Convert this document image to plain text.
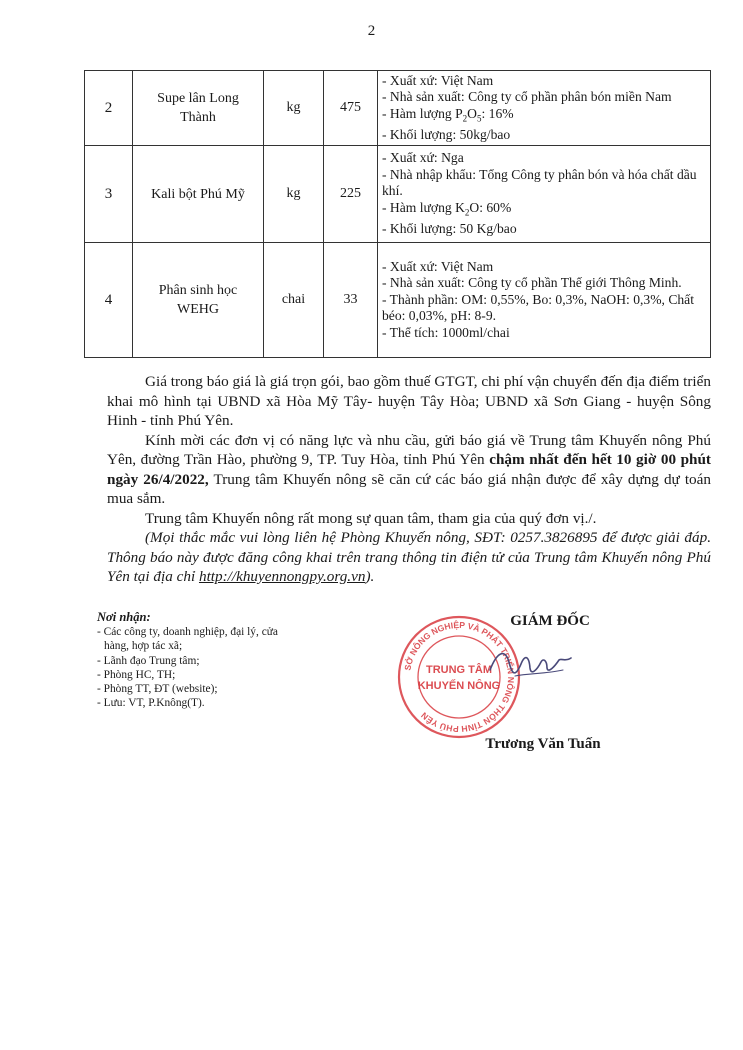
2
2	Supe lân Long Thành	kg	475	- Xuất xứ: Việt Nam
- Nhà sản xuất: Công ty cổ phần phân bón miền Nam
- Hàm lượng $P_2O_5$: 16%
- Khối lượng: 50kg/bao

3	Kali bột Phú Mỹ	kg	225	- Xuất xứ: Nga
- Nhà nhập khẩu: Tổng Công ty phân bón và hóa chất dầu khí.
- Hàm lượng $K_2O$: 60%
- Khối lượng: 50 Kg/bao

4	Phân sinh học WEHG	chai	33	- Xuất xứ: Việt Nam
- Nhà sản xuất: Công ty cổ phần Thế giới Thông Minh.
- Thành phần: OM: 0,55%, Bo: 0,3%, NaOH: 0,3%, Chất béo: 0,03%, pH: 8-9.
- Thể tích: 1000ml/chai

Giá trong báo giá là giá trọn gói, bao gồm thuế GTGT, chi phí vận chuyển đến địa điểm triển khai mô hình tại UBND xã Hòa Mỹ Tây- huyện Tây Hòa; UBND xã Sơn Giang - huyện Sông Hinh - tỉnh Phú Yên.

Kính mời các đơn vị có năng lực và nhu cầu, gửi báo giá về Trung tâm Khuyến nông Phú Yên, đường Trần Hào, phường 9, TP. Tuy Hòa, tỉnh Phú Yên chậm nhất đến hết 10 giờ 00 phút ngày 26/4/2022, Trung tâm Khuyến nông sẽ căn cứ các báo giá nhận được để xây dựng dự toán mua sắm.

Trung tâm Khuyến nông rất mong sự quan tâm, tham gia của quý đơn vị./.

(Mọi thắc mắc vui lòng liên hệ Phòng Khuyến nông, SĐT: 0257.3826895 để được giải đáp. Thông báo này được đăng công khai trên trang thông tin điện tử của Trung tâm Khuyến nông Phú Yên tại địa chỉ http://khuyennongpy.org.vn).

Nơi nhận:
- Các công ty, doanh nghiệp, đại lý, cửa
hàng, hợp tác xã;
- Lãnh đạo Trung tâm;
- Phòng HC, TH;
- Phòng TT, ĐT (website);
- Lưu: VT, P.Knông(T).
GIÁM ĐỐC
SỞ NÔNG NGHIỆP VÀ PHÁT TRIỂN NÔNG THÔN TỈNH PHÚ YÊN
TRUNG TÂM
KHUYẾN NÔNG
Trương Văn Tuấn
